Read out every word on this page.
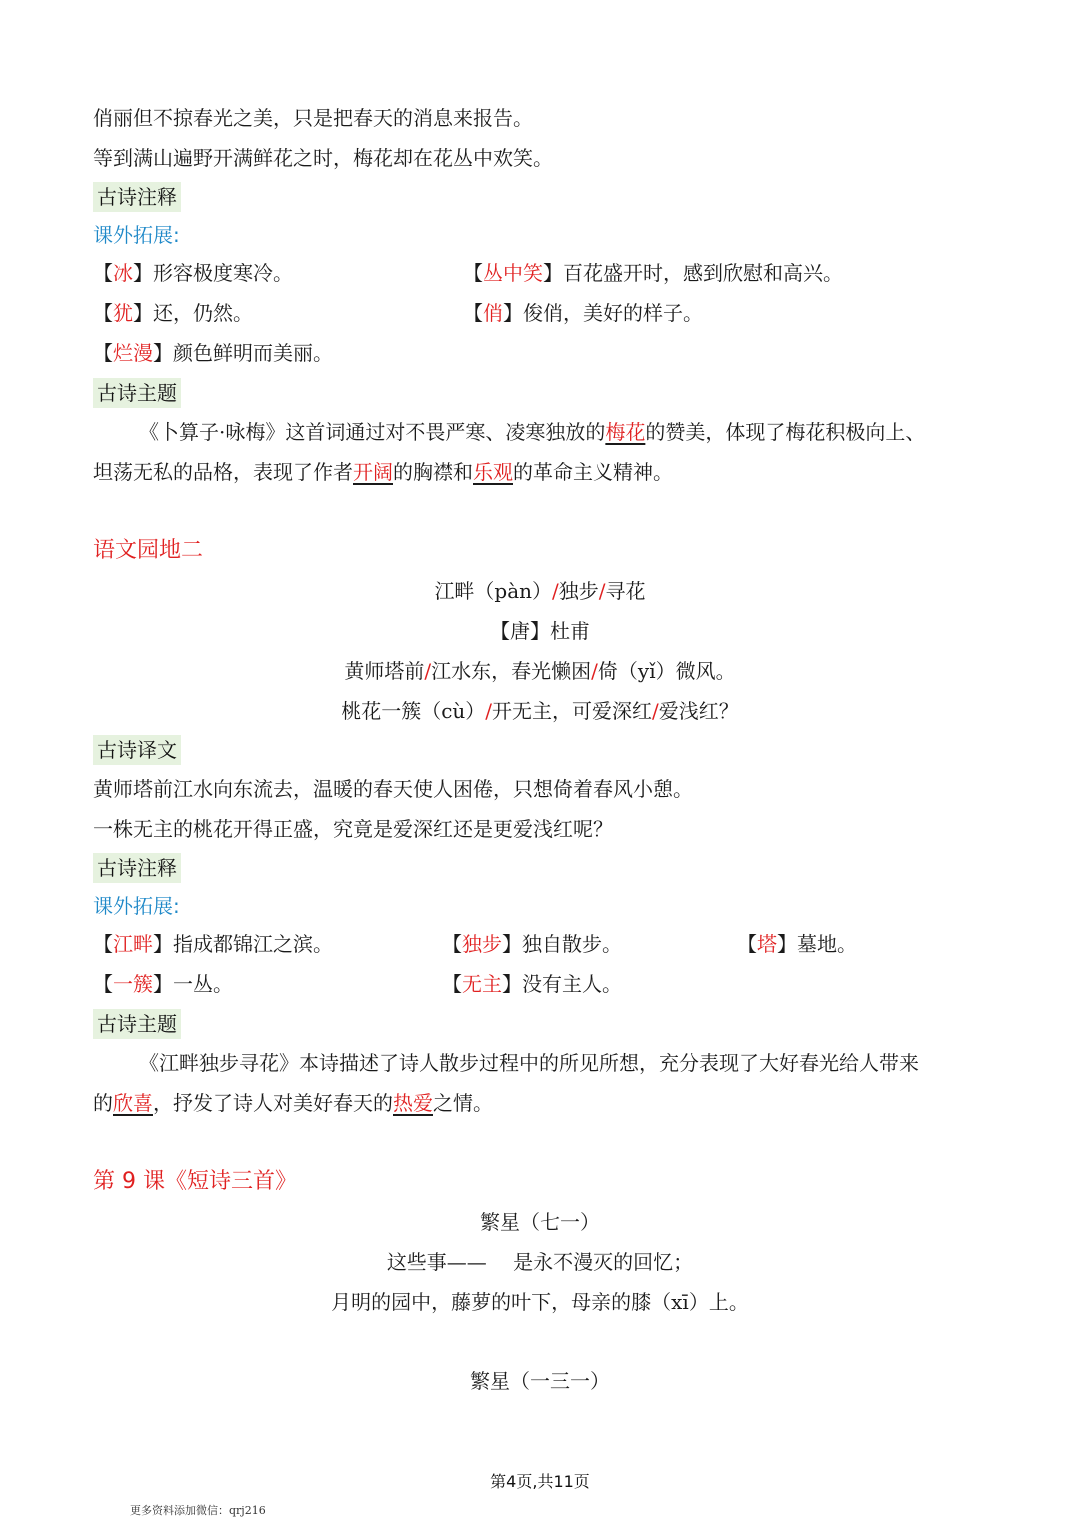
俏丽但不掠春光之美，只是把春天的消息来报告。
等到满山遍野开满鲜花之时，梅花却在花丛中欢笑。
古诗注释
课外拓展:
【冰】形容极度寒冷。	【丛中笑】百花盛开时，感到欣慰和高兴。
【犹】还，仍然。	【俏】俊俏，美好的样子。
【烂漫】颜色鲜明而美丽。
古诗主题
《卜算子·咏梅》这首词通过对不畏严寒、凌寒独放的梅花的赞美，体现了梅花积极向上、
坦荡无私的品格，表现了作者开阔的胸襟和乐观的革命主义精神。
语文园地二
江畔（pàn）/独步/寻花
【唐】杜甫
黄师塔前/江水东，春光懒困/倚（yǐ）微风。
桃花一簇（cù）/开无主，可爱深红/爱浅红？
古诗译文
黄师塔前江水向东流去，温暖的春天使人困倦，只想倚着春风小憩。
一株无主的桃花开得正盛，究竟是爱深红还是更爱浅红呢？
古诗注释
课外拓展:
【江畔】指成都锦江之滨。	【独步】独自散步。	【塔】墓地。
【一簇】一丛。	【无主】没有主人。
古诗主题
《江畔独步寻花》本诗描述了诗人散步过程中的所见所想，充分表现了大好春光给人带来
的欣喜，抒发了诗人对美好春天的热爱之情。
第 9 课《短诗三首》
繁星（七一）
这些事——　 是永不漫灭的回忆；
月明的园中，藤萝的叶下，母亲的膝（xī）上。
繁星（一三一）
第4页,共11页
更多资料添加微信：qrj216
